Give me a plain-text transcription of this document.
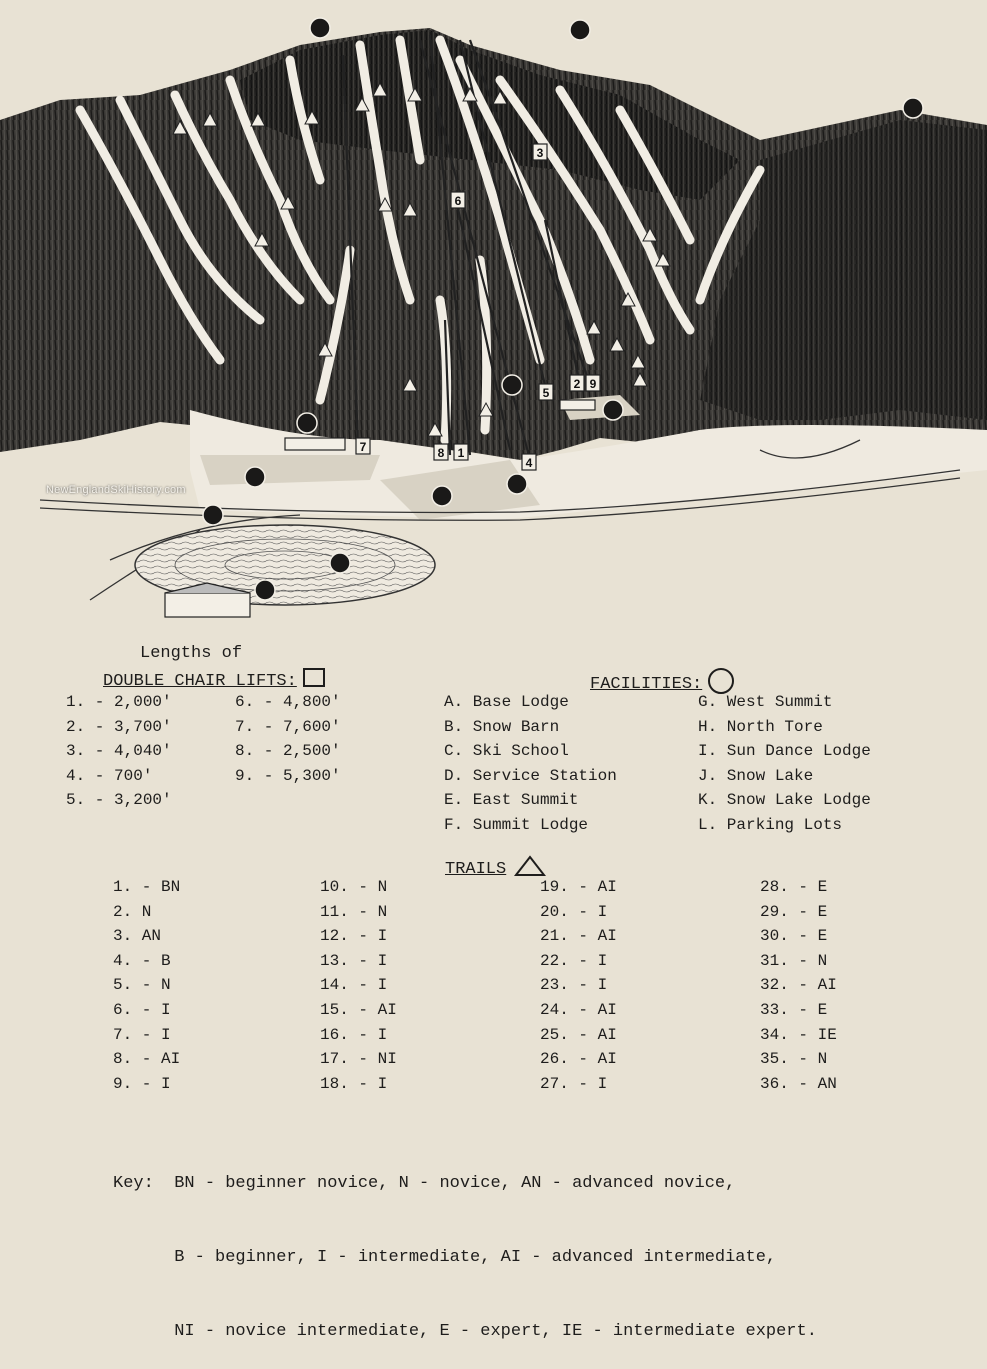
1
2
3
4
5
6
7	8
9
NewEnglandSkiHistory.com
Lengths of
DOUBLE CHAIR LIFTS:
1. - 2,000'
2. - 3,700'
3. - 4,040'
4. - 700'
5. - 3,200'
6. - 4,800'
7. - 7,600'
8. - 2,500'
9. - 5,300'
FACILITIES:
A. Base Lodge
B. Snow Barn
C. Ski School
D. Service Station
E. East Summit
F. Summit Lodge
G. West Summit
H. North Tore
I. Sun Dance Lodge
J. Snow Lake
K. Snow Lake Lodge
L. Parking Lots
TRAILS
1. - BN
2. N
3. AN
4. - B
5. - N
6. - I
7. - I
8. - AI
9. - I
10. - N
11. - N
12. - I
13. - I
14. - I
15. - AI
16. - I
17. - NI
18. - I
19. - AI
20. - I
21. - AI
22. - I
23. - I
24. - AI
25. - AI
26. - AI
27. - I
28. - E
29. - E
30. - E
31. - N
32. - AI
33. - E
34. - IE
35. - N
36. - AN

Key:  BN - beginner novice, N - novice, AN - advanced novice,

B - beginner, I - intermediate, AI - advanced intermediate,

NI - novice intermediate, E - expert, IE - intermediate expert.
